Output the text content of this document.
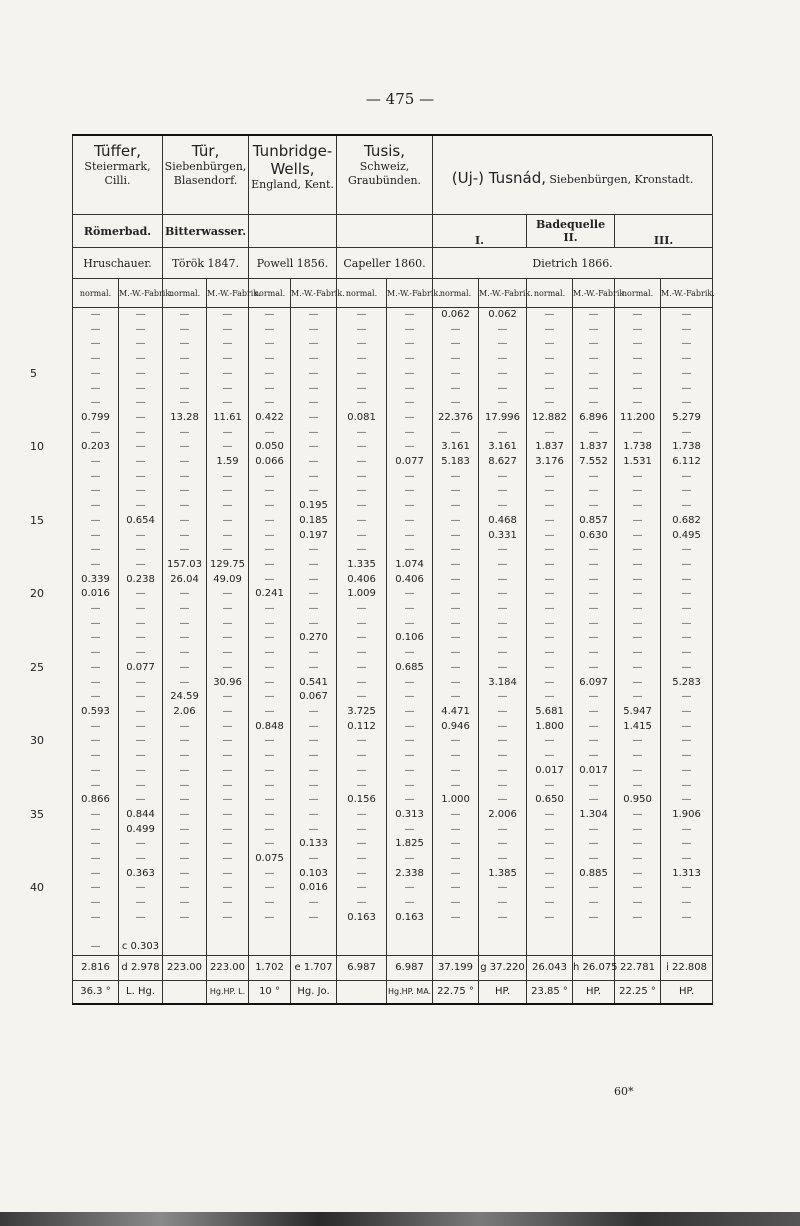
— 475 —
Tüffer,
Steiermark,
Cilli.		Tür,
Siebenbürgen,
Blasendorf.		Tunbridge-
Wells,
England, Kent.		Tusis,
Schweiz,
Graubünden.		(Uj-) Tusnád, Siebenbürgen, Kronstadt.					
Römerbad.		Bitterwasser.						I.		Badequelle
II.		III.	
Hruschauer.		Török 1847.		Powell 1856.		Capeller 1860.		Dietrich 1866.					
normal.	M.-W.-Fabrik.	normal.	M.-W.-Fabrik.	normal.	M.-W.-Fabrik.	normal.	M.-W.-Fabrik.	normal.	M.-W.-Fabrik.	normal.	M.-W.-Fabrik.	normal.	M.-W.-Fabrik.
—	—	—	—	—	—	—	—	0.062	0.062	—	—	—	—
—	—	—	—	—	—	—	—	—	—	—	—	—	—
—	—	—	—	—	—	—	—	—	—	—	—	—	—
—	—	—	—	—	—	—	—	—	—	—	—	—	—
—	—	—	—	—	—	—	—	—	—	—	—	—	—
—	—	—	—	—	—	—	—	—	—	—	—	—	—
—	—	—	—	—	—	—	—	—	—	—	—	—	—
0.799	—	13.28	11.61	0.422	—	0.081	—	22.376	17.996	12.882	6.896	11.200	5.279
—	—	—	—	—	—	—	—	—	—	—	—	—	—
0.203	—	—	—	0.050	—	—	—	3.161	3.161	1.837	1.837	1.738	1.738
—	—	—	1.59	0.066	—	—	0.077	5.183	8.627	3.176	7.552	1.531	6.112
—	—	—	—	—	—	—	—	—	—	—	—	—	—
—	—	—	—	—	—	—	—	—	—	—	—	—	—
—	—	—	—	—	0.195	—	—	—	—	—	—	—	—
—	0.654	—	—	—	0.185	—	—	—	0.468	—	0.857	—	0.682
—	—	—	—	—	0.197	—	—	—	0.331	—	0.630	—	0.495
—	—	—	—	—	—	—	—	—	—	—	—	—	—
—	—	157.03	129.75	—	—	1.335	1.074	—	—	—	—	—	—
0.339	0.238	26.04	49.09	—	—	0.406	0.406	—	—	—	—	—	—
0.016	—	—	—	0.241	—	1.009	—	—	—	—	—	—	—
—	—	—	—	—	—	—	—	—	—	—	—	—	—
—	—	—	—	—	—	—	—	—	—	—	—	—	—
—	—	—	—	—	0.270	—	0.106	—	—	—	—	—	—
—	—	—	—	—	—	—	—	—	—	—	—	—	—
—	0.077	—	—	—	—	—	0.685	—	—	—	—	—	—
—	—	—	30.96	—	0.541	—	—	—	3.184	—	6.097	—	5.283
—	—	24.59	—	—	0.067	—	—	—	—	—	—	—	—
0.593	—	2.06	—	—	—	3.725	—	4.471	—	5.681	—	5.947	—
—	—	—	—	0.848	—	0.112	—	0.946	—	1.800	—	1.415	—
—	—	—	—	—	—	—	—	—	—	—	—	—	—
—	—	—	—	—	—	—	—	—	—	—	—	—	—
—	—	—	—	—	—	—	—	—	—	0.017	0.017	—	—
—	—	—	—	—	—	—	—	—	—	—	—	—	—
0.866	—	—	—	—	—	0.156	—	1.000	—	0.650	—	0.950	—
—	0.844	—	—	—	—	—	0.313	—	2.006	—	1.304	—	1.906
—	0.499	—	—	—	—	—	—	—	—	—	—	—	—
—	—	—	—	—	0.133	—	1.825	—	—	—	—	—	—
—	—	—	—	0.075	—	—	—	—	—	—	—	—	—
—	0.363	—	—	—	0.103	—	2.338	—	1.385	—	0.885	—	1.313
—	—	—	—	—	0.016	—	—	—	—	—	—	—	—
—	—	—	—	—	—	—	—	—	—	—	—	—	—
—	—	—	—	—	—	0.163	0.163	—	—	—	—	—	—

—	c 0.303												
2.816	d 2.978	223.00	223.00	1.702	e 1.707	6.987	6.987	37.199	g 37.220	26.043	h 26.075	22.781	i 22.808
36.3 °	L. Hg.		Hg.HP. L.	10 °	Hg. Jo.		Hg.HP. MA.	22.75 °	HP.	23.85 °	HP.	22.25 °	HP.
5
10
15
20
25
30
35
40
60*
